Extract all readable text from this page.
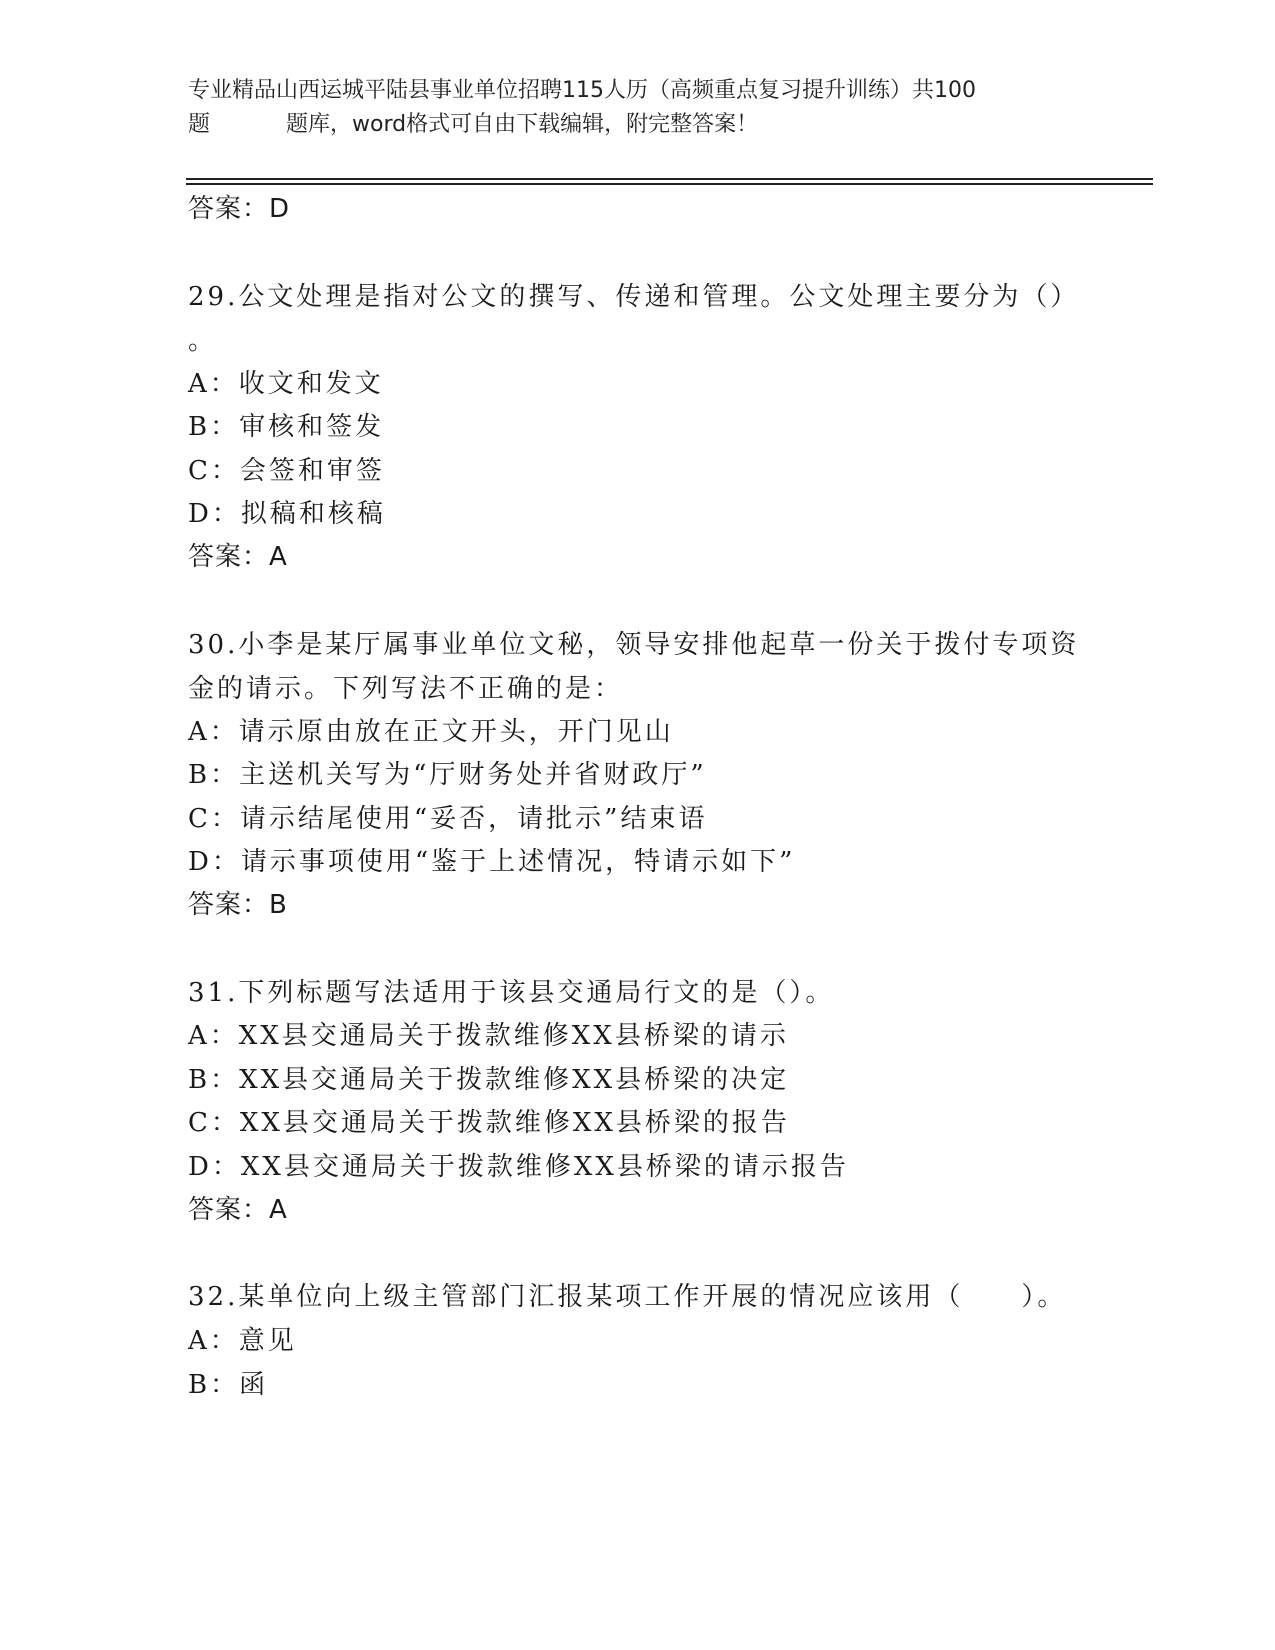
专业精品山西运城平陆县事业单位招聘115人历（高频重点复习提升训练）共100
题	题库，word格式可自由下载编辑，附完整答案！
答案：D
29.公文处理是指对公文的撰写、传递和管理。公文处理主要分为（）
。
A：收文和发文
B：审核和签发
C：会签和审签
D：拟稿和核稿
答案：A
30.小李是某厅属事业单位文秘，领导安排他起草一份关于拨付专项资
金的请示。下列写法不正确的是：
A：请示原由放在正文开头，开门见山
B：主送机关写为“厅财务处并省财政厅”
C：请示结尾使用“妥否，请批示”结束语
D：请示事项使用“鉴于上述情况，特请示如下”
答案：B
31.下列标题写法适用于该县交通局行文的是（）。
A：XX县交通局关于拨款维修XX县桥梁的请示
B：XX县交通局关于拨款维修XX县桥梁的决定
C：XX县交通局关于拨款维修XX县桥梁的报告
D：XX县交通局关于拨款维修XX县桥梁的请示报告
答案：A
32.某单位向上级主管部门汇报某项工作开展的情况应该用（　　）。
A：意见
B：函
